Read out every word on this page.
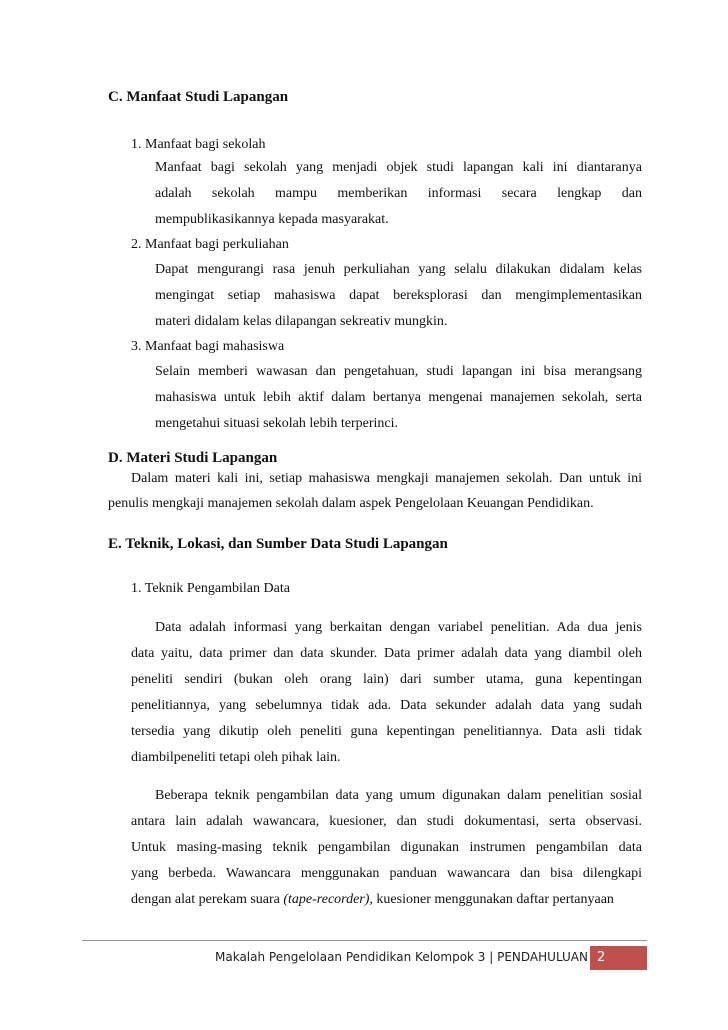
C. Manfaat Studi Lapangan
1. Manfaat bagi sekolah
Manfaat bagi sekolah yang menjadi objek studi lapangan kali ini diantaranya
adalah sekolah mampu memberikan informasi secara lengkap dan
mempublikasikannya kepada masyarakat.
2. Manfaat bagi perkuliahan
Dapat mengurangi rasa jenuh perkuliahan yang selalu dilakukan didalam kelas
mengingat setiap mahasiswa dapat bereksplorasi dan mengimplementasikan
materi didalam kelas dilapangan sekreativ mungkin.
3. Manfaat bagi mahasiswa
Selain memberi wawasan dan pengetahuan, studi lapangan ini bisa merangsang
mahasiswa untuk lebih aktif dalam bertanya mengenai manajemen sekolah, serta
mengetahui situasi sekolah lebih terperinci.
D. Materi Studi Lapangan
Dalam materi kali ini, setiap mahasiswa mengkaji manajemen sekolah. Dan untuk ini
penulis mengkaji manajemen sekolah dalam aspek Pengelolaan Keuangan Pendidikan.
E. Teknik, Lokasi, dan Sumber Data Studi Lapangan
1. Teknik Pengambilan Data
Data adalah informasi yang berkaitan dengan variabel penelitian. Ada dua jenis
data yaitu, data primer dan data skunder. Data primer adalah data yang diambil oleh
peneliti sendiri (bukan oleh orang lain) dari sumber utama, guna kepentingan
penelitiannya, yang sebelumnya tidak ada. Data sekunder adalah data yang sudah
tersedia yang dikutip oleh peneliti guna kepentingan penelitiannya. Data asli tidak
diambilpeneliti tetapi oleh pihak lain.
Beberapa teknik pengambilan data yang umum digunakan dalam penelitian sosial
antara lain adalah wawancara, kuesioner, dan studi dokumentasi, serta observasi.
Untuk masing-masing teknik pengambilan digunakan instrumen pengambilan data
yang berbeda. Wawancara menggunakan panduan wawancara dan bisa dilengkapi
dengan alat perekam suara (tape-recorder), kuesioner menggunakan daftar pertanyaan
Makalah Pengelolaan Pendidikan Kelompok 3 | PENDAHULUAN 2
